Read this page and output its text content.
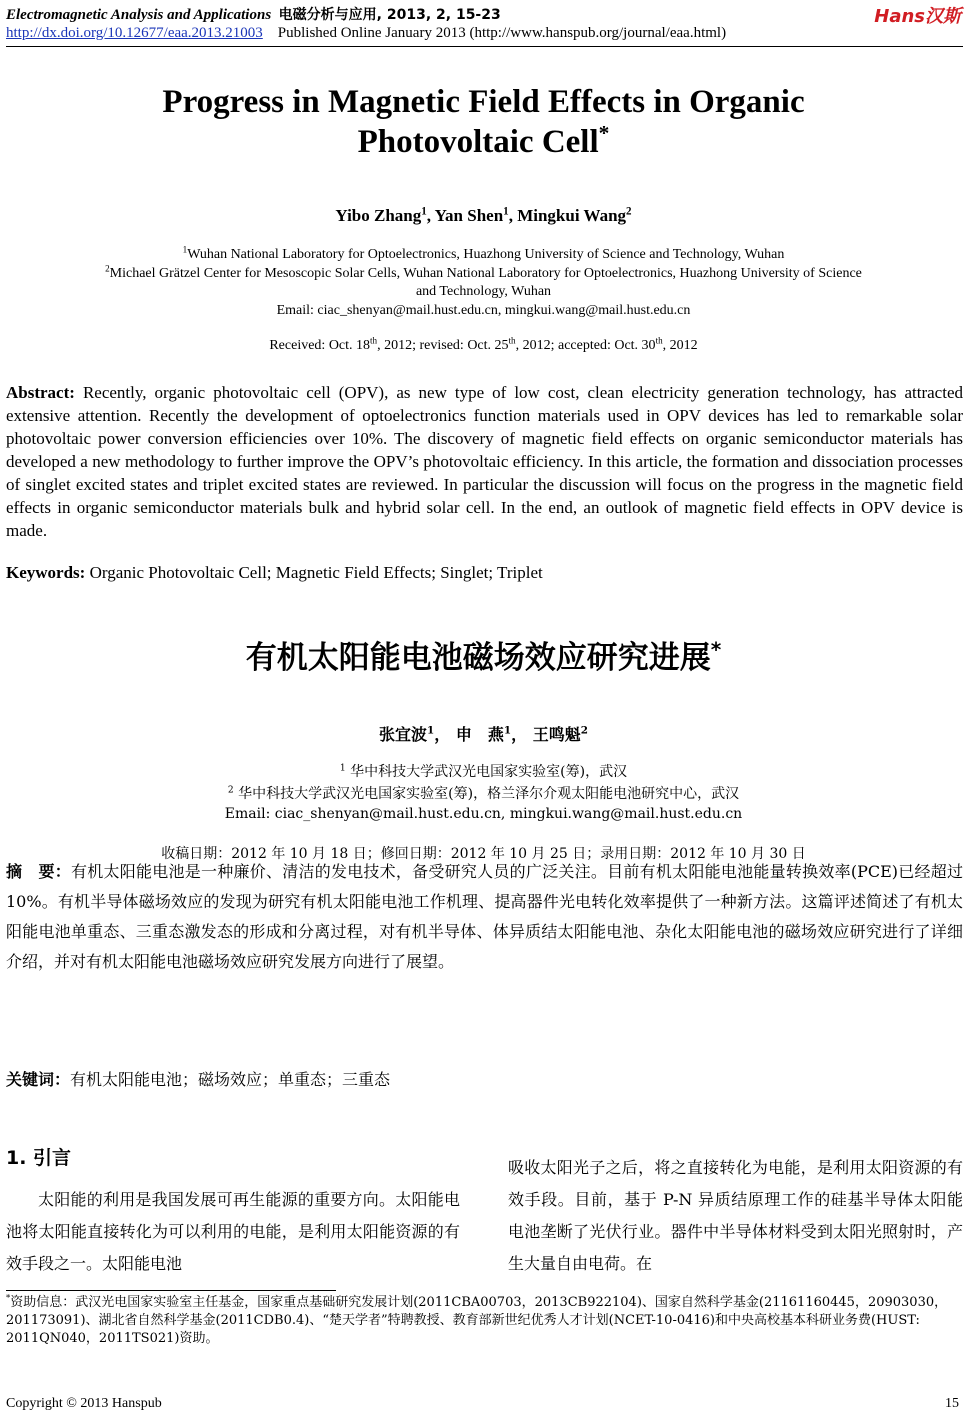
Electromagnetic Analysis and Applications 电磁分析与应用, 2013, 2, 15-23
http://dx.doi.org/10.12677/eaa.2013.21003 Published Online January 2013 (http://www.hanspub.org/journal/eaa.html)
Hans汉斯
Progress in Magnetic Field Effects in Organic
Photovoltaic Cell*
Yibo Zhang$^1$, Yan Shen$^1$, Mingkui Wang$^2$
$^1$Wuhan National Laboratory for Optoelectronics, Huazhong University of Science and Technology, Wuhan
$^2$Michael Grätzel Center for Mesoscopic Solar Cells, Wuhan National Laboratory for Optoelectronics, Huazhong University of Science
and Technology, Wuhan
Email: ciac_shenyan@mail.hust.edu.cn, mingkui.wang@mail.hust.edu.cn
Received: Oct. 18th, 2012; revised: Oct. 25th, 2012; accepted: Oct. 30th, 2012
Abstract: Recently, organic photovoltaic cell (OPV), as new type of low cost, clean electricity generation technology, has attracted extensive attention. Recently the development of optoelectronics function materials used in OPV devices has led to remarkable solar photovoltaic power conversion efficiencies over 10%. The discovery of magnetic field effects on organic semiconductor materials has developed a new methodology to further improve the OPV’s photovoltaic efficiency. In this article, the formation and dissociation processes of singlet excited states and triplet excited states are reviewed. In particular the discussion will focus on the progress in the magnetic field effects in organic semiconductor materials bulk and hybrid solar cell. In the end, an outlook of magnetic field effects in OPV device is made.
Keywords: Organic Photovoltaic Cell; Magnetic Field Effects; Singlet; Triplet
有机太阳能电池磁场效应研究进展*
张宜波$^1$， 申　燕$^1$， 王鸣魁$^2$
$^1$ 华中科技大学武汉光电国家实验室(筹)，武汉
$^2$ 华中科技大学武汉光电国家实验室(筹)，格兰泽尔介观太阳能电池研究中心，武汉
Email: ciac_shenyan@mail.hust.edu.cn, mingkui.wang@mail.hust.edu.cn
收稿日期：2012 年 10 月 18 日；修回日期：2012 年 10 月 25 日；录用日期：2012 年 10 月 30 日
摘　要：有机太阳能电池是一种廉价、清洁的发电技术，备受研究人员的广泛关注。目前有机太阳能电池能量转换效率(PCE)已经超过 10%。有机半导体磁场效应的发现为研究有机太阳能电池工作机理、提高器件光电转化效率提供了一种新方法。这篇评述简述了有机太阳能电池单重态、三重态激发态的形成和分离过程，对有机半导体、体异质结太阳能电池、杂化太阳能电池的磁场效应研究进行了详细介绍，并对有机太阳能电池磁场效应研究发展方向进行了展望。
关键词：有机太阳能电池；磁场效应；单重态；三重态
1. 引言
太阳能的利用是我国发展可再生能源的重要方向。太阳能电池将太阳能直接转化为可以利用的电能，是利用太阳能资源的有效手段之一。太阳能电池
吸收太阳光子之后，将之直接转化为电能，是利用太阳资源的有效手段。目前，基于 P-N 异质结原理工作的硅基半导体太阳能电池垄断了光伏行业。器件中半导体材料受到太阳光照射时，产生大量自由电荷。在
*资助信息：武汉光电国家实验室主任基金，国家重点基础研究发展计划(2011CBA00703，2013CB922104)、国家自然科学基金(21161160445，20903030，201173091)、湖北省自然科学基金(2011CDB0.4)、“楚天学者”特聘教授、教育部新世纪优秀人才计划(NCET-10-0416)和中央高校基本科研业务费(HUST: 2011QN040，2011TS021)资助。
Copyright © 2013 Hanspub	15
